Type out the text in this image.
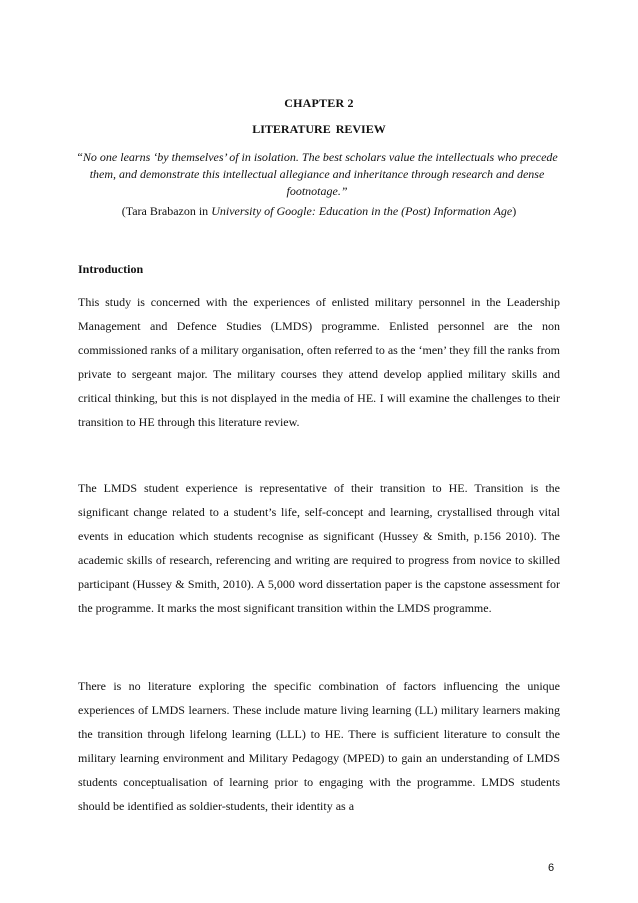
CHAPTER 2
LITERATURE REVIEW

“No one learns ‘by themselves’ of in isolation. The best scholars value the intellectuals who precede them, and demonstrate this intellectual allegiance and inheritance through research and dense footnotage.”

(Tara Brabazon in University of Google: Education in the (Post) Information Age)

Introduction

This study is concerned with the experiences of enlisted military personnel in the Leadership Management and Defence Studies (LMDS) programme. Enlisted personnel are the non commissioned ranks of a military organisation, often referred to as the ‘men’ they fill the ranks from private to sergeant major. The military courses they attend develop applied military skills and critical thinking, but this is not displayed in the media of HE. I will examine the challenges to their transition to HE through this literature review.

The LMDS student experience is representative of their transition to HE. Transition is the significant change related to a student’s life, self-concept and learning, crystallised through vital events in education which students recognise as significant (Hussey & Smith, p.156 2010). The academic skills of research, referencing and writing are required to progress from novice to skilled participant (Hussey & Smith, 2010). A 5,000 word dissertation paper is the capstone assessment for the programme. It marks the most significant transition within the LMDS programme.

There is no literature exploring the specific combination of factors influencing the unique experiences of LMDS learners. These include mature living learning (LL) military learners making the transition through lifelong learning (LLL) to HE. There is sufficient literature to consult the military learning environment and Military Pedagogy (MPED) to gain an understanding of LMDS students conceptualisation of learning prior to engaging with the programme. LMDS students should be identified as soldier-students, their identity as a

6
